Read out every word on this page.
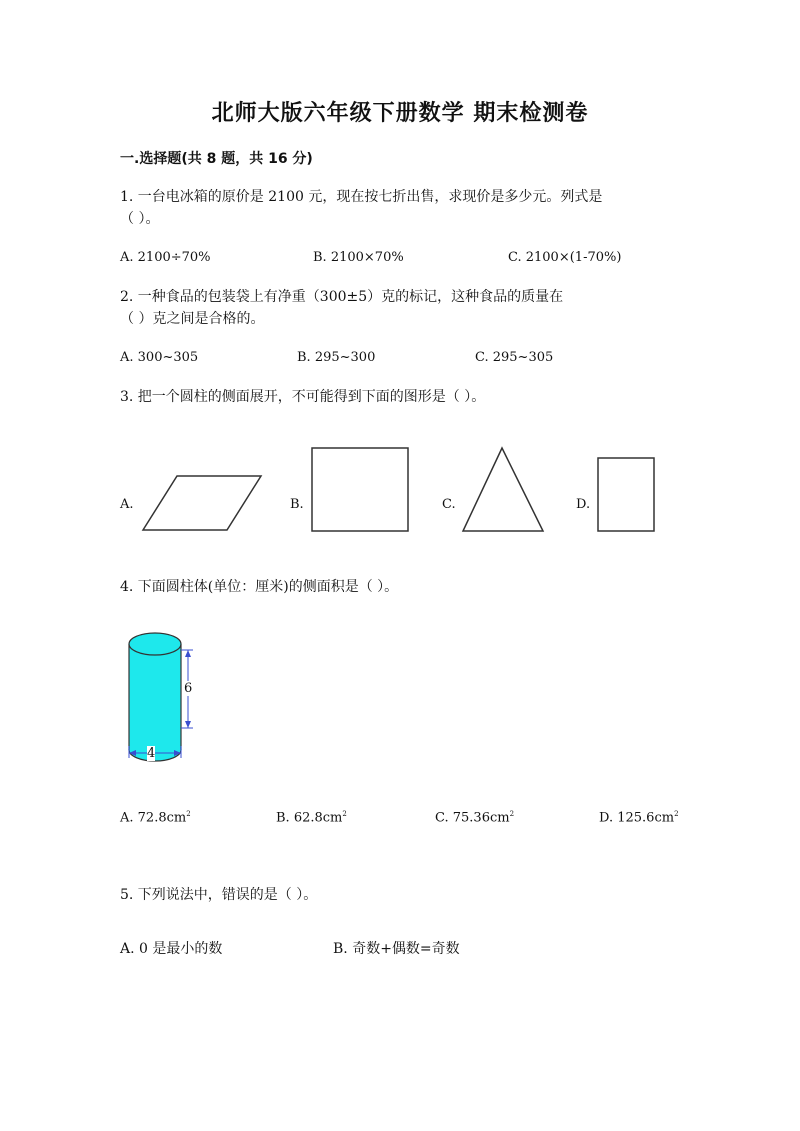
北师大版六年级下册数学 期末检测卷
一.选择题(共 8 题，共 16 分)
1. 一台电冰箱的原价是 2100 元，现在按七折出售，求现价是多少元。列式是
（ ）。
A. 2100÷70%	B. 2100×70%	C. 2100×(1-70%)
2. 一种食品的包装袋上有净重（300±5）克的标记，这种食品的质量在
（ ）克之间是合格的。
A. 300~305	B. 295~300	C. 295~305
3. 把一个圆柱的侧面展开，不可能得到下面的图形是（ ）。
A.	B.	C.	D.
4. 下面圆柱体(单位：厘米)的侧面积是（ ）。
6
4
A. $72.8cm^2$	B. $62.8cm^2$	C. $75.36cm^2$	D. $125.6cm^2$
5. 下列说法中，错误的是（ ）。
A. 0 是最小的数	B. 奇数+偶数=奇数
